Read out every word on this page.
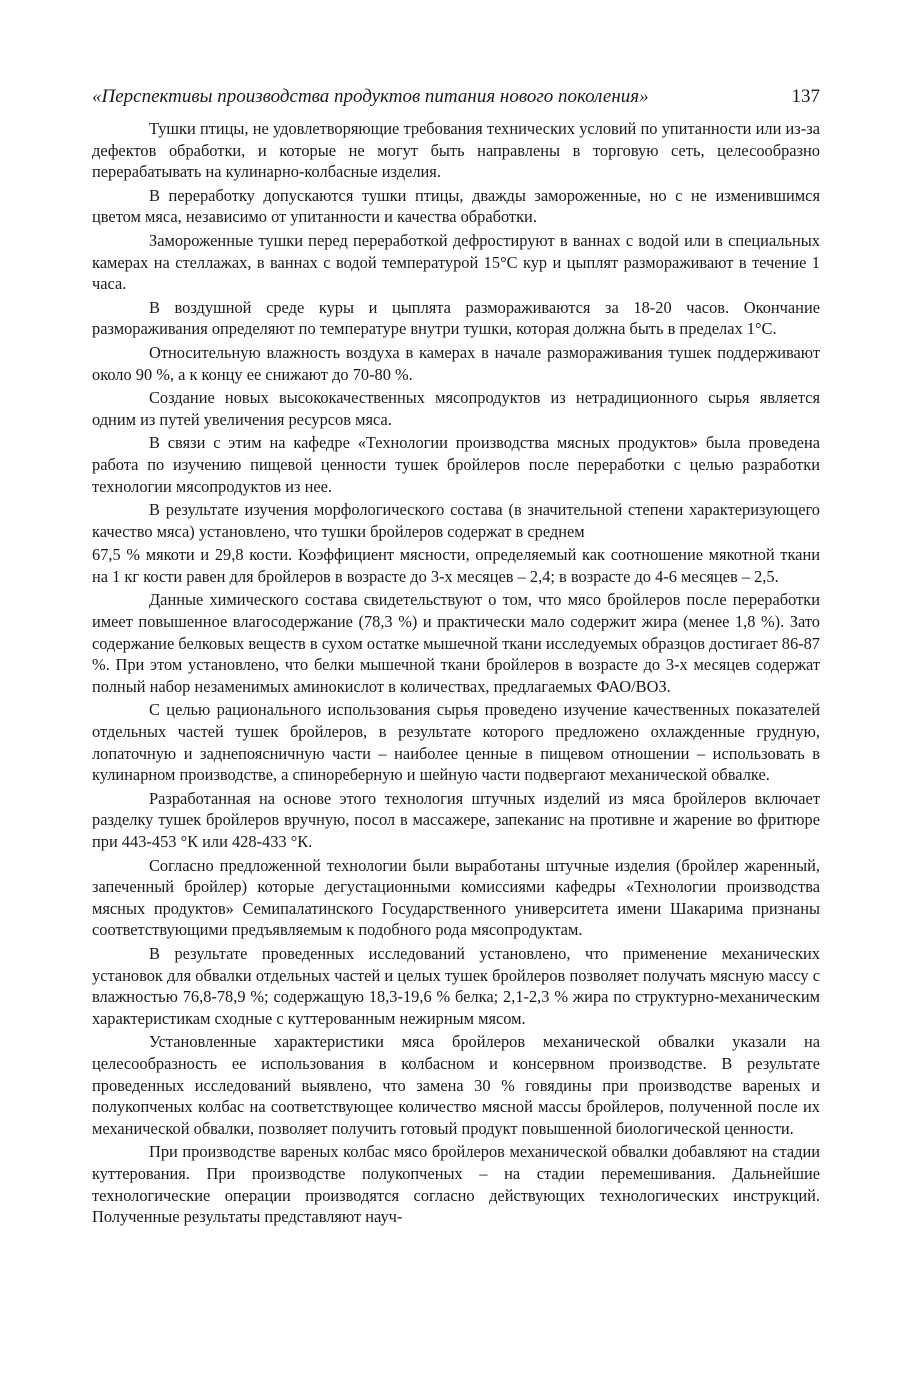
«Перспективы производства продуктов питания нового поколения»	137

Тушки птицы, не удовлетворяющие требования технических условий по упитанности или из-за дефектов обработки, и которые не могут быть направлены в торговую сеть, целесообразно перерабатывать на кулинарно-колбасные изделия.

В переработку допускаются тушки птицы, дважды замороженные, но с не изменившимся цветом мяса, независимо от упитанности и качества обработки.

Замороженные тушки перед переработкой дефростируют в ваннах с водой или в специальных камерах на стеллажах, в ваннах с водой температурой 15°С кур и цыплят размораживают в течение 1 часа.

В воздушной среде куры и цыплята размораживаются за 18-20 часов. Окончание размораживания определяют по температуре внутри тушки, которая должна быть в пределах 1°С.

Относительную влажность воздуха в камерах в начале размораживания тушек поддерживают около 90 %, а к концу ее снижают до 70-80 %.

Создание новых высококачественных мясопродуктов из нетрадиционного сырья является одним из путей увеличения ресурсов мяса.

В связи с этим на кафедре «Технологии производства мясных продуктов» была проведена работа по изучению пищевой ценности тушек бройлеров после переработки с целью разработки технологии мясопродуктов из нее.

В результате изучения морфологического состава (в значительной степени характеризующего качество мяса) установлено, что тушки бройлеров содержат в среднем

67,5 % мякоти и 29,8 кости. Коэффициент мясности, определяемый как соотношение мякотной ткани на 1 кг кости равен для бройлеров в возрасте до 3-х месяцев – 2,4; в возрасте до 4-6 месяцев – 2,5.

Данные химического состава свидетельствуют о том, что мясо бройлеров после переработки имеет повышенное влагосодержание (78,3 %) и практически мало содержит жира (менее 1,8 %). Зато содержание белковых веществ в сухом остатке мышечной ткани исследуемых образцов достигает 86-87 %. При этом установлено, что белки мышечной ткани бройлеров в возрасте до 3-х месяцев содержат полный набор незаменимых аминокислот в количествах, предлагаемых ФАО/ВОЗ.

С целью рационального использования сырья проведено изучение качественных показателей отдельных частей тушек бройлеров, в результате которого предложено охлажденные грудную, лопаточную и заднепоясничную части – наиболее ценные в пищевом отношении – использовать в кулинарном производстве, а спинореберную и шейную части подвергают механической обвалке.

Разработанная на основе этого технология штучных изделий из мяса бройлеров включает разделку тушек бройлеров вручную, посол в массажере, запеканис на противне и жарение во фритюре при 443-453 °К или 428-433 °К.

Согласно предложенной технологии были выработаны штучные изделия (бройлер жаренный, запеченный бройлер) которые дегустационными комиссиями кафедры «Технологии производства мясных продуктов» Семипалатинского Государственного университета имени Шакарима признаны соответствующими предъявляемым к подобного рода мясопродуктам.

В результате проведенных исследований установлено, что применение механических установок для обвалки отдельных частей и целых тушек бройлеров позволяет получать мясную массу с влажностью 76,8-78,9 %; содержащую 18,3-19,6 % белка; 2,1-2,3 % жира по структурно-механическим характеристикам сходные с куттерованным нежирным мясом.

Установленные характеристики мяса бройлеров механической обвалки указали на целесообразность ее использования в колбасном и консервном производстве. В результате проведенных исследований выявлено, что замена 30 % говядины при производстве вареных и полукопченых колбас на соответствующее количество мясной массы бройлеров, полученной после их механической обвалки, позволяет получить готовый продукт повышенной биологической ценности.

При производстве вареных колбас мясо бройлеров механической обвалки добавляют на стадии куттерования. При производстве полукопченых – на стадии перемешивания. Дальнейшие технологические операции производятся согласно действующих технологических инструкций. Полученные результаты представляют науч-
